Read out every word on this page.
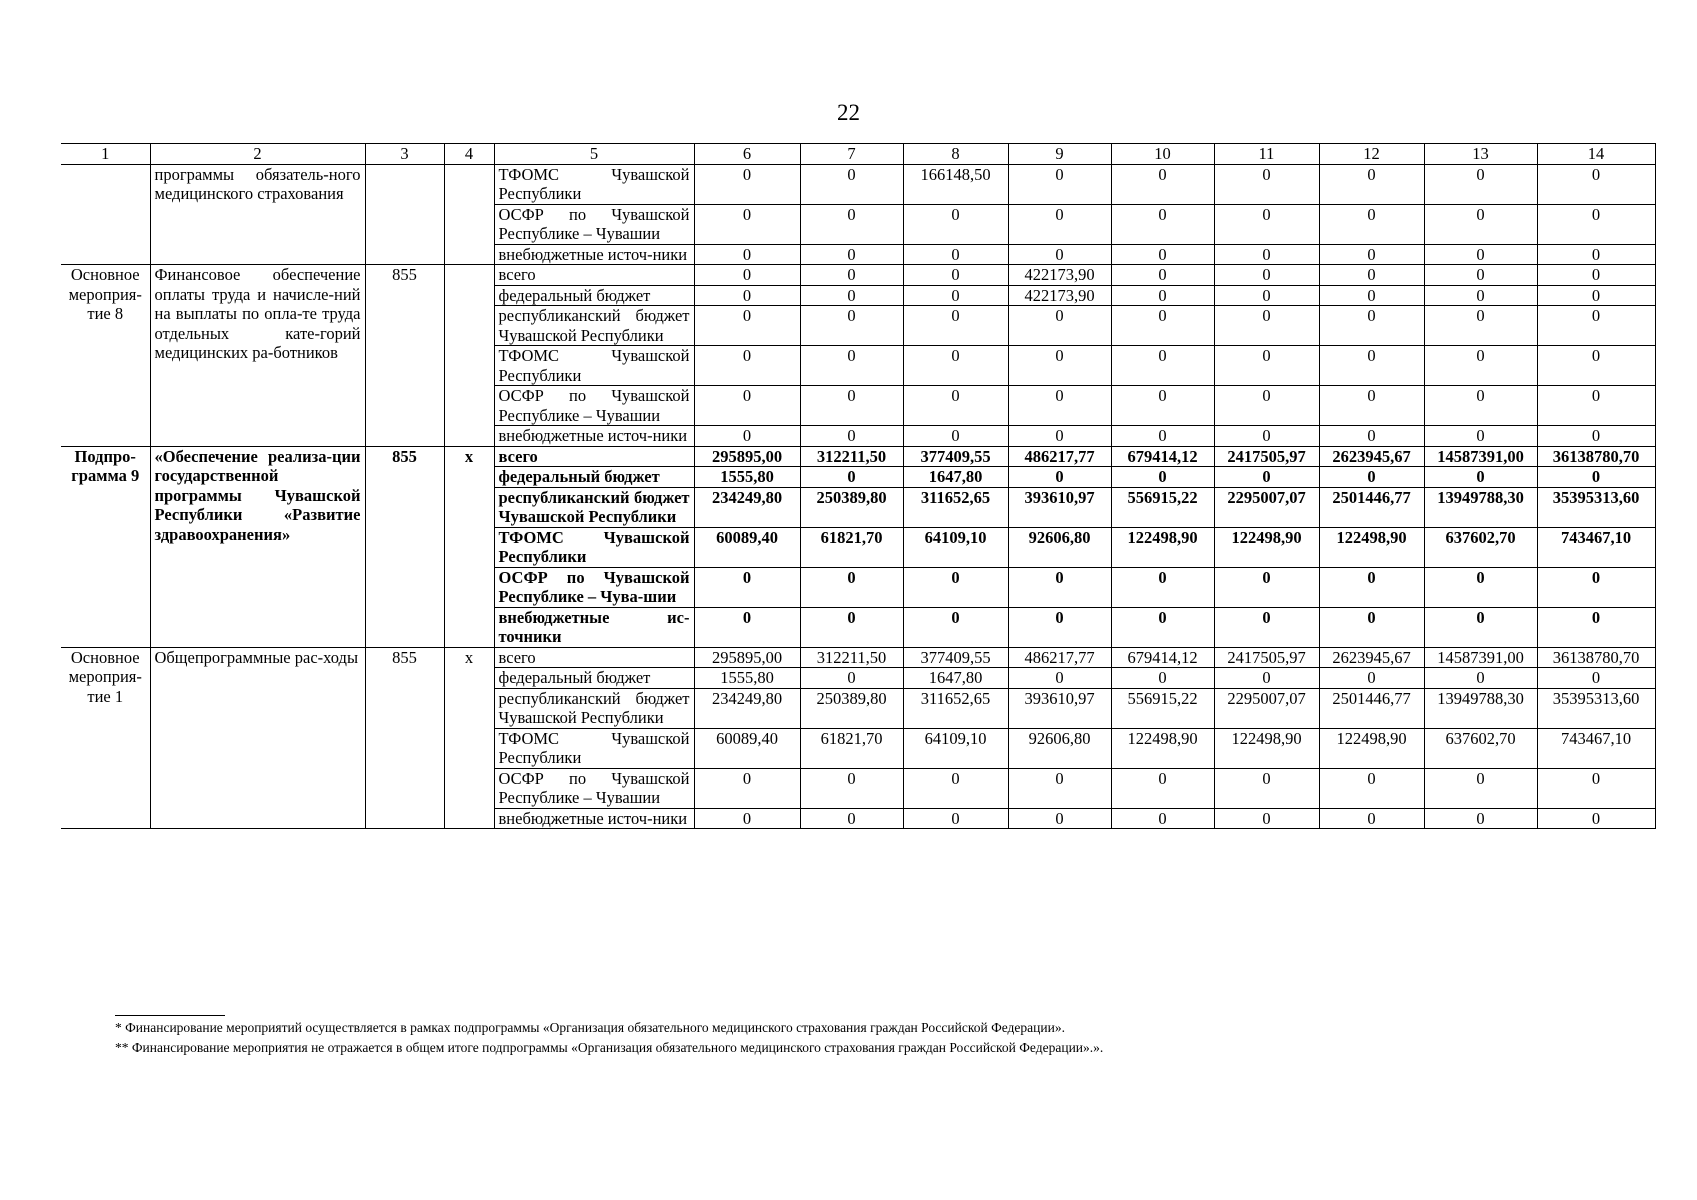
22
1	2	3	4	5	6	7	8	9	10	11	12	13	14
	программы обязатель-ного медицинского страхования			ТФОМС Чувашской Республики	0	0	166148,50	0	0	0	0	0	0
				ОСФР по Чувашской Республике – Чувашии	0	0	0	0	0	0	0	0	0
				внебюджетные источ-ники	0	0	0	0	0	0	0	0	0
Основное мероприя-тие 8	Финансовое обеспечение оплаты труда и начисле-ний на выплаты по опла-те труда отдельных кате-горий медицинских ра-ботников	855		всего	0	0	0	422173,90	0	0	0	0	0
				федеральный бюджет	0	0	0	422173,90	0	0	0	0	0
				республиканский бюджет Чувашской Республики	0	0	0	0	0	0	0	0	0
				ТФОМС Чувашской Республики	0	0	0	0	0	0	0	0	0
				ОСФР по Чувашской Республике – Чувашии	0	0	0	0	0	0	0	0	0
				внебюджетные источ-ники	0	0	0	0	0	0	0	0	0
Подпро-грамма 9	«Обеспечение реализа-ции государственной программы Чувашской Республики «Развитие здравоохранения»	855	х	всего	295895,00	312211,50	377409,55	486217,77	679414,12	2417505,97	2623945,67	14587391,00	36138780,70
				федеральный бюджет	1555,80	0	1647,80	0	0	0	0	0	0
				республиканский бюджет Чувашской Республики	234249,80	250389,80	311652,65	393610,97	556915,22	2295007,07	2501446,77	13949788,30	35395313,60
				ТФОМС Чувашской Республики	60089,40	61821,70	64109,10	92606,80	122498,90	122498,90	122498,90	637602,70	743467,10
				ОСФР по Чувашской Республике – Чува-шии	0	0	0	0	0	0	0	0	0
				внебюджетные ис-точники	0	0	0	0	0	0	0	0	0
Основное мероприя-тие 1	Общепрограммные рас-ходы	855	х	всего	295895,00	312211,50	377409,55	486217,77	679414,12	2417505,97	2623945,67	14587391,00	36138780,70
				федеральный бюджет	1555,80	0	1647,80	0	0	0	0	0	0
				республиканский бюджет Чувашской Республики	234249,80	250389,80	311652,65	393610,97	556915,22	2295007,07	2501446,77	13949788,30	35395313,60
				ТФОМС Чувашской Республики	60089,40	61821,70	64109,10	92606,80	122498,90	122498,90	122498,90	637602,70	743467,10
				ОСФР по Чувашской Республике – Чувашии	0	0	0	0	0	0	0	0	0
				внебюджетные источ-ники	0	0	0	0	0	0	0	0	0
* Финансирование мероприятий осуществляется в рамках подпрограммы «Организация обязательного медицинского страхования граждан Российской Федерации».
** Финансирование мероприятия не отражается в общем итоге подпрограммы «Организация обязательного медицинского страхования граждан Российской Федерации».».
